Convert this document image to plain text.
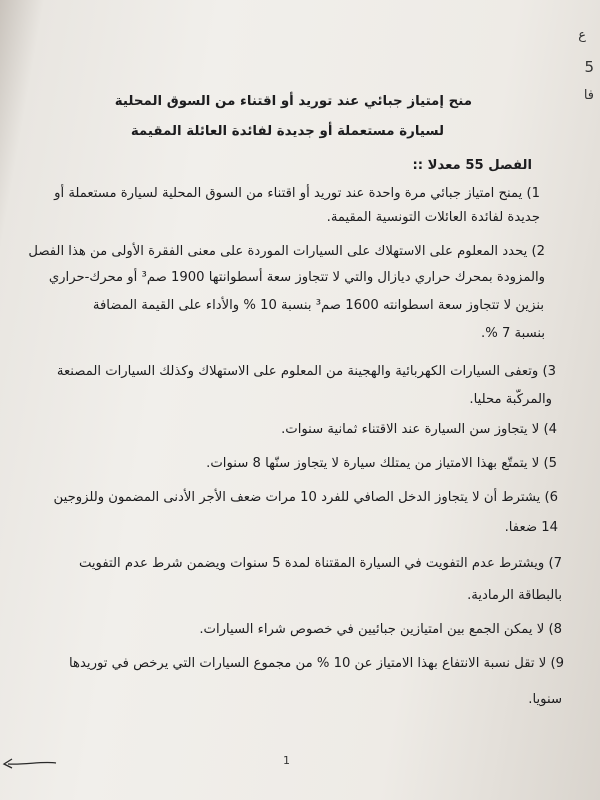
ع
5
فا
منح إمتياز جبائي عند توريد أو اقتناء من السوق المحلية
لسيارة مستعملة أو جديدة لفائدة العائلة المقيمة
الفصل 55 معدلا ::
1) يمنح امتياز جبائي مرة واحدة عند توريد أو اقتناء من السوق المحلية لسيارة مستعملة أو
جديدة لفائدة العائلات التونسية المقيمة.
2) يحدد المعلوم على الاستهلاك على السيارات الموردة على معنى الفقرة الأولى من هذا الفصل
والمزودة بمحرك حراري ديازال والتي لا تتجاوز سعة أسطوانتها 1900 صم³ أو محرك-حراري
بنزين لا تتجاوز سعة اسطوانته 1600 صم³ بنسبة 10 % والأداء على القيمة المضافة
بنسبة 7 %.
3) وتعفى السيارات الكهربائية والهجينة من المعلوم على الاستهلاك وكذلك السيارات المصنعة
والمركّبة محليا.
4) لا يتجاوز سن السيارة عند الاقتناء ثمانية سنوات.
5) لا يتمتّع بهذا الامتياز من يمتلك سيارة لا يتجاوز سنّها 8 سنوات.
6) يشترط أن لا يتجاوز الدخل الصافي للفرد 10 مرات ضعف الأجر الأدنى المضمون وللزوجين
14 ضعفا.
7) ويشترط عدم التفويت في السيارة المقتناة لمدة 5 سنوات ويضمن شرط عدم التفويت
بالبطاقة الرمادية.
8) لا يمكن الجمع بين امتيازين جبائيين في خصوص شراء السيارات.
9) لا تقل نسبة الانتفاع بهذا الامتياز عن 10 % من مجموع السيارات التي يرخص في توريدها
سنويا.
1
